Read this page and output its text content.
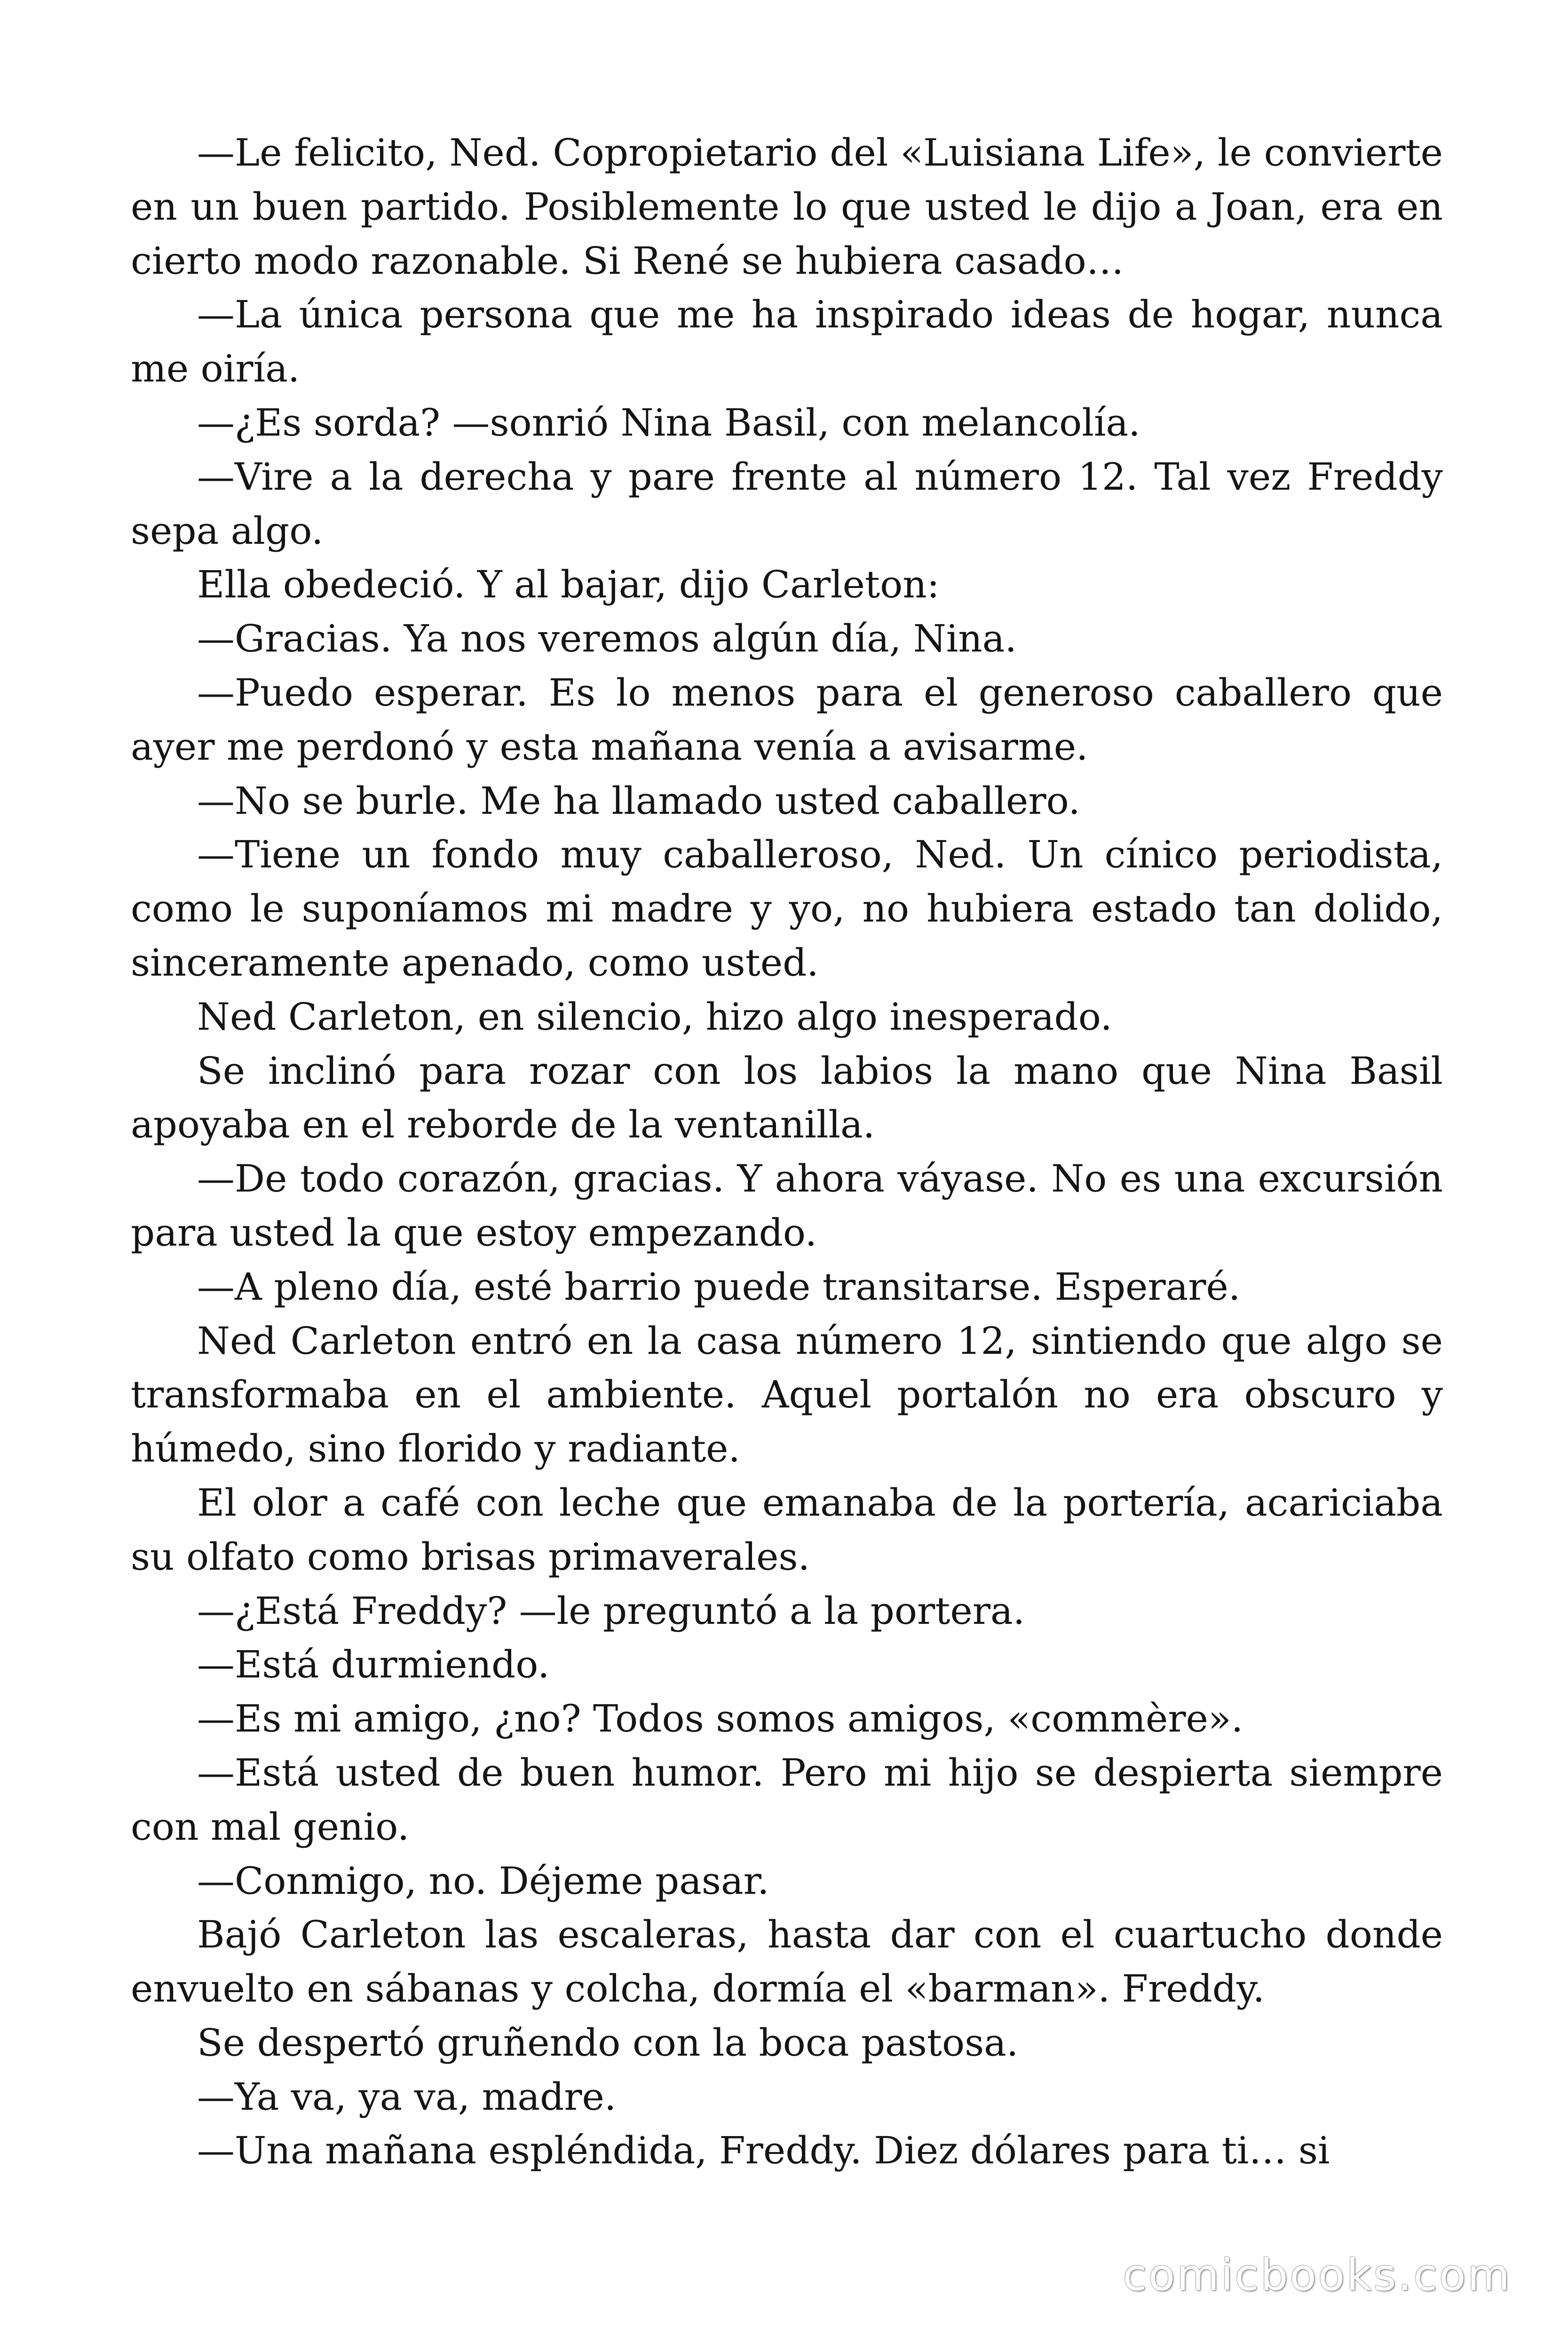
—Le felicito, Ned. Copropietario del «Luisiana Life», le convierte en un buen partido. Posiblemente lo que usted le dijo a Joan, era en cierto modo razonable. Si René se hubiera casado…

—La única persona que me ha inspirado ideas de hogar, nunca me oiría.

—¿Es sorda? —sonrió Nina Basil, con melancolía.

—Vire a la derecha y pare frente al número 12. Tal vez Freddy sepa algo.

Ella obedeció. Y al bajar, dijo Carleton:

—Gracias. Ya nos veremos algún día, Nina.

—Puedo esperar. Es lo menos para el generoso caballero que ayer me perdonó y esta mañana venía a avisarme.

—No se burle. Me ha llamado usted caballero.

—Tiene un fondo muy caballeroso, Ned. Un cínico periodista, como le suponíamos mi madre y yo, no hubiera estado tan dolido, sinceramente apenado, como usted.

Ned Carleton, en silencio, hizo algo inesperado.

Se inclinó para rozar con los labios la mano que Nina Basil apoyaba en el reborde de la ventanilla.

—De todo corazón, gracias. Y ahora váyase. No es una excursión para usted la que estoy empezando.

—A pleno día, esté barrio puede transitarse. Esperaré.

Ned Carleton entró en la casa número 12, sintiendo que algo se transformaba en el ambiente. Aquel portalón no era obscuro y húmedo, sino florido y radiante.

El olor a café con leche que emanaba de la portería, acariciaba su olfato como brisas primaverales.

—¿Está Freddy? —le preguntó a la portera.

—Está durmiendo.

—Es mi amigo, ¿no? Todos somos amigos, «commère».

—Está usted de buen humor. Pero mi hijo se despierta siempre con mal genio.

—Conmigo, no. Déjeme pasar.

Bajó Carleton las escaleras, hasta dar con el cuartucho donde envuelto en sábanas y colcha, dormía el «barman». Freddy.

Se despertó gruñendo con la boca pastosa.

—Ya va, ya va, madre.

—Una mañana espléndida, Freddy. Diez dólares para ti… si

comicbooks.com
